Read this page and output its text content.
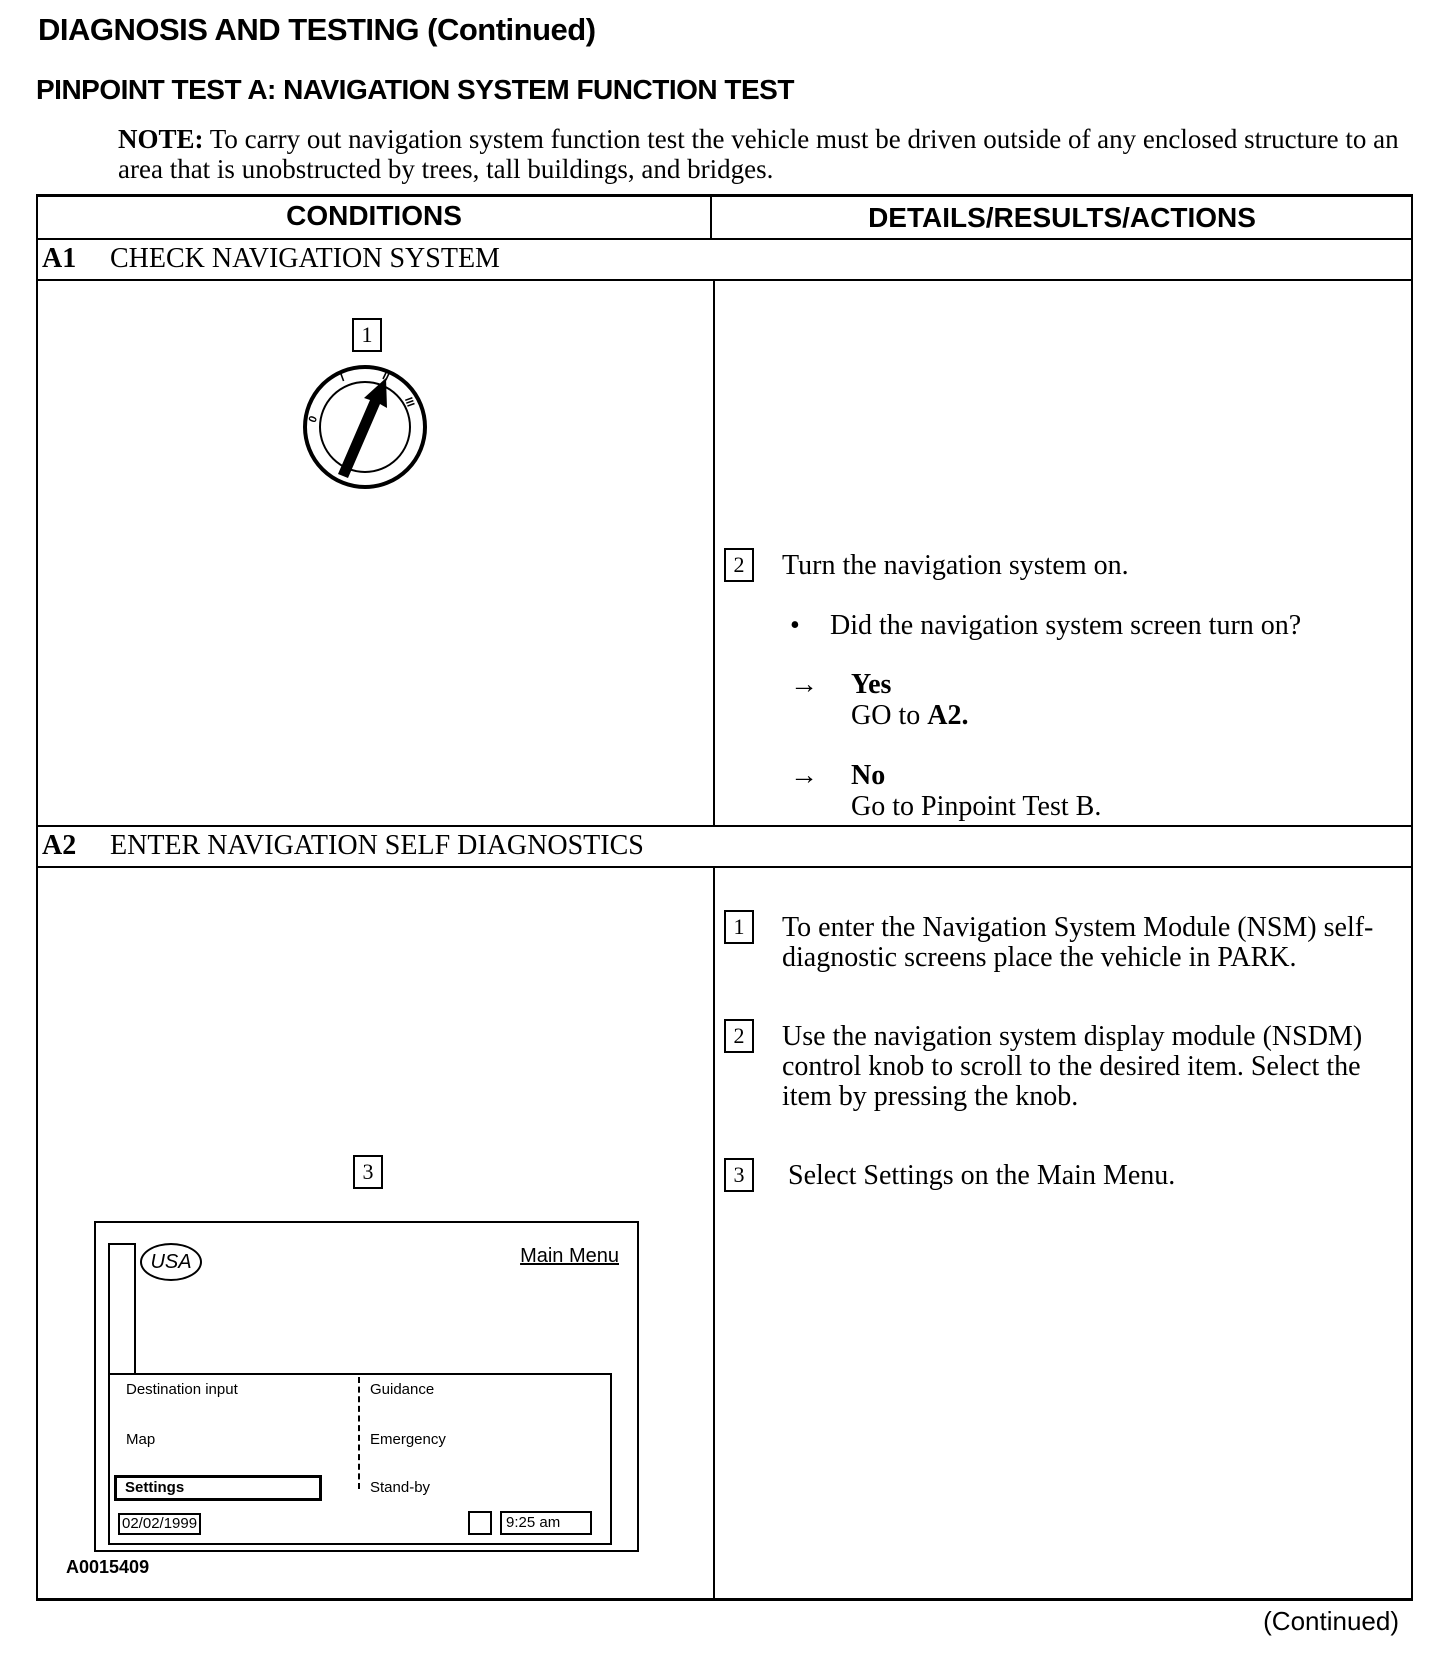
DIAGNOSIS AND TESTING (Continued)
PINPOINT TEST A: NAVIGATION SYSTEM FUNCTION TEST
NOTE: To carry out navigation system function test the vehicle must be driven outside of any enclosed structure to an area that is unobstructed by trees, tall buildings, and bridges.
CONDITIONS	DETAILS/RESULTS/ACTIONS
A1 CHECK NAVIGATION SYSTEM
1
0
I	II
III
2	Turn the navigation system on.
• Did the navigation system screen turn on?
→ Yes
GO to A2.
→ No
Go to Pinpoint Test B.
A2 ENTER NAVIGATION SELF DIAGNOSTICS
1	To enter the Navigation System Module (NSM) self-diagnostic screens place the vehicle in PARK.
2	Use the navigation system display module (NSDM) control knob to scroll to the desired item. Select the item by pressing the knob.
3	Select Settings on the Main Menu.
3
USA	Main Menu
Destination input
Map
Settings
Guidance
Emergency
Stand-by
02/02/1999	9:25 am
A0015409
(Continued)
